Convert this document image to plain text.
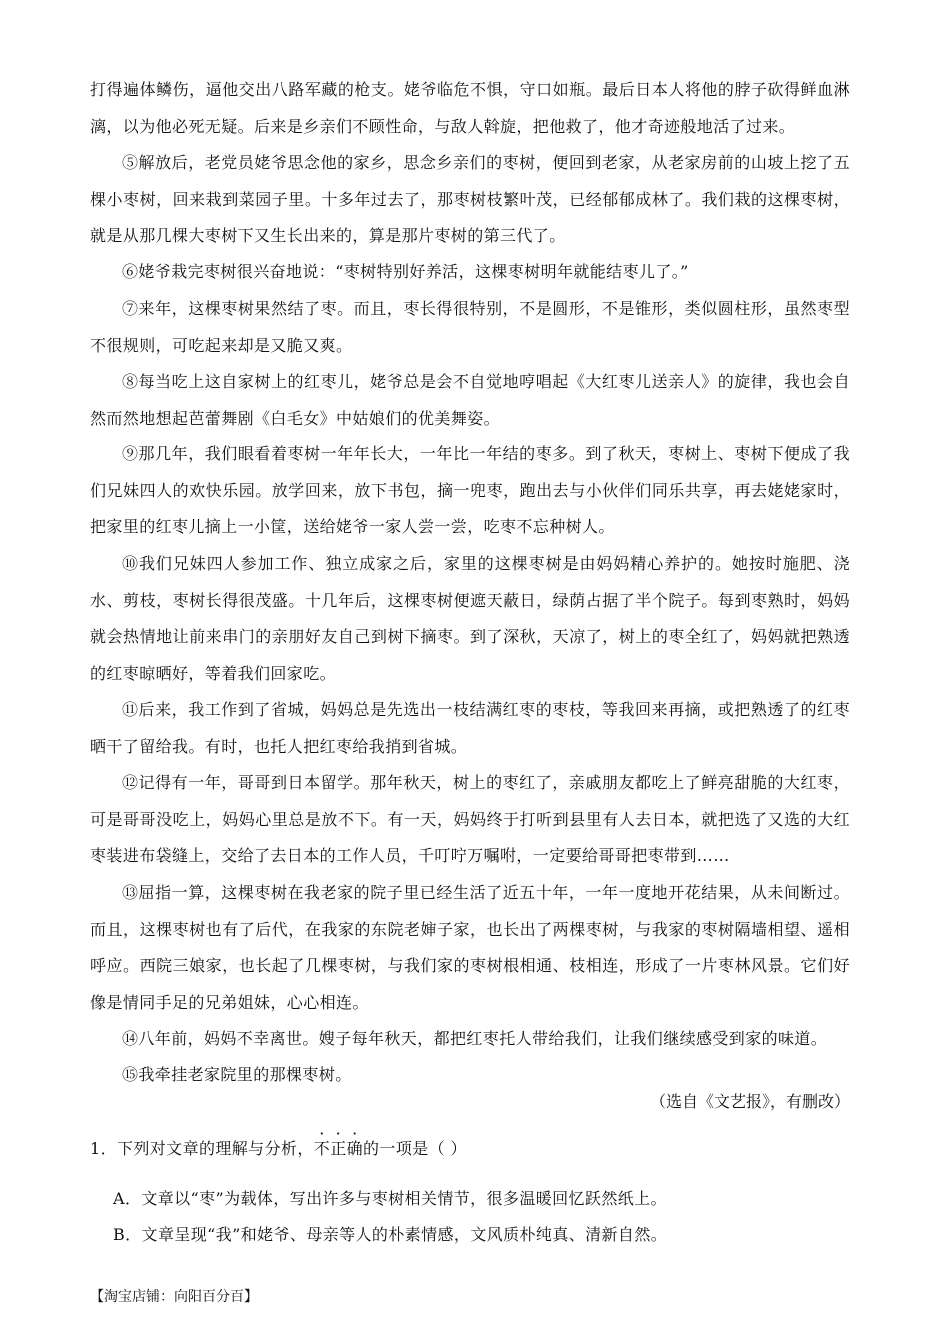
打得遍体鳞伤，逼他交出八路军藏的枪支。姥爷临危不惧，守口如瓶。最后日本人将他的脖子砍得鲜血淋漓，以为他必死无疑。后来是乡亲们不顾性命，与敌人斡旋，把他救了，他才奇迹般地活了过来。

⑤解放后，老党员姥爷思念他的家乡，思念乡亲们的枣树，便回到老家，从老家房前的山坡上挖了五棵小枣树，回来栽到菜园子里。十多年过去了，那枣树枝繁叶茂，已经郁郁成林了。我们栽的这棵枣树，就是从那几棵大枣树下又生长出来的，算是那片枣树的第三代了。

⑥姥爷栽完枣树很兴奋地说：“枣树特别好养活，这棵枣树明年就能结枣儿了。”

⑦来年，这棵枣树果然结了枣。而且，枣长得很特别，不是圆形，不是锥形，类似圆柱形，虽然枣型不很规则，可吃起来却是又脆又爽。

⑧每当吃上这自家树上的红枣儿，姥爷总是会不自觉地哼唱起《大红枣儿送亲人》的旋律，我也会自然而然地想起芭蕾舞剧《白毛女》中姑娘们的优美舞姿。

⑨那几年，我们眼看着枣树一年年长大，一年比一年结的枣多。到了秋天，枣树上、枣树下便成了我们兄妹四人的欢快乐园。放学回来，放下书包，摘一兜枣，跑出去与小伙伴们同乐共享，再去姥姥家时，把家里的红枣儿摘上一小筐，送给姥爷一家人尝一尝，吃枣不忘种树人。

⑩我们兄妹四人参加工作、独立成家之后，家里的这棵枣树是由妈妈精心养护的。她按时施肥、浇水、剪枝，枣树长得很茂盛。十几年后，这棵枣树便遮天蔽日，绿荫占据了半个院子。每到枣熟时，妈妈就会热情地让前来串门的亲朋好友自己到树下摘枣。到了深秋，天凉了，树上的枣全红了，妈妈就把熟透的红枣晾晒好，等着我们回家吃。

⑪后来，我工作到了省城，妈妈总是先选出一枝结满红枣的枣枝，等我回来再摘，或把熟透了的红枣晒干了留给我。有时，也托人把红枣给我捎到省城。

⑫记得有一年，哥哥到日本留学。那年秋天，树上的枣红了，亲戚朋友都吃上了鲜亮甜脆的大红枣，可是哥哥没吃上，妈妈心里总是放不下。有一天，妈妈终于打听到县里有人去日本，就把选了又选的大红枣装进布袋缝上，交给了去日本的工作人员，千叮咛万嘱咐，一定要给哥哥把枣带到……

⑬屈指一算，这棵枣树在我老家的院子里已经生活了近五十年，一年一度地开花结果，从未间断过。而且，这棵枣树也有了后代，在我家的东院老婶子家，也长出了两棵枣树，与我家的枣树隔墙相望、遥相呼应。西院三娘家，也长起了几棵枣树，与我们家的枣树根相通、枝相连，形成了一片枣林风景。它们好像是情同手足的兄弟姐妹，心心相连。

⑭八年前，妈妈不幸离世。嫂子每年秋天，都把红枣托人带给我们，让我们继续感受到家的味道。

⑮我牵挂老家院里的那棵枣树。

（选自《文艺报》，有删改）
1．下列对文章的理解与分析，不正确的一项是（ ）
A．文章以“枣”为载体，写出许多与枣树相关情节，很多温暖回忆跃然纸上。
B．文章呈现“我”和姥爷、母亲等人的朴素情感，文风质朴纯真、清新自然。
【淘宝店铺：向阳百分百】
